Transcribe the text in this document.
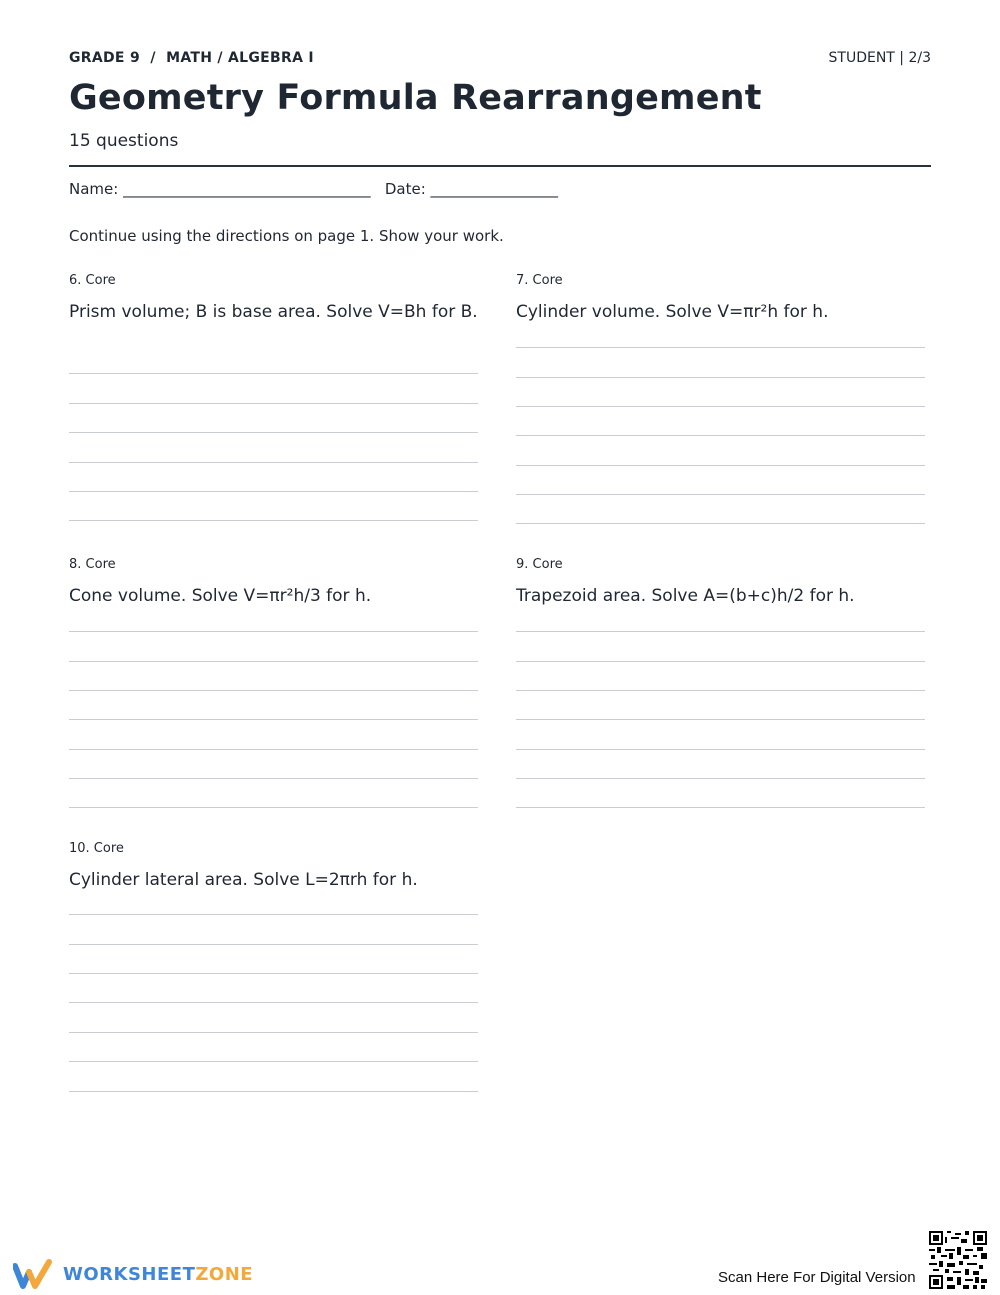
GRADE 9  /  MATH / ALGEBRA I	STUDENT | 2/3
Geometry Formula Rearrangement
15 questions
Name: _________________________________   Date: _________________
Continue using the directions on page 1. Show your work.
6. Core
Prism volume; B is base area. Solve V=Bh for B.
7. Core
Cylinder volume. Solve V=πr²h for h.
8. Core
Cone volume. Solve V=πr²h/3 for h.
9. Core
Trapezoid area. Solve A=(b+c)h/2 for h.
10. Core
Cylinder lateral area. Solve L=2πrh for h.
WORKSHEETZONE	Scan Here For Digital Version
